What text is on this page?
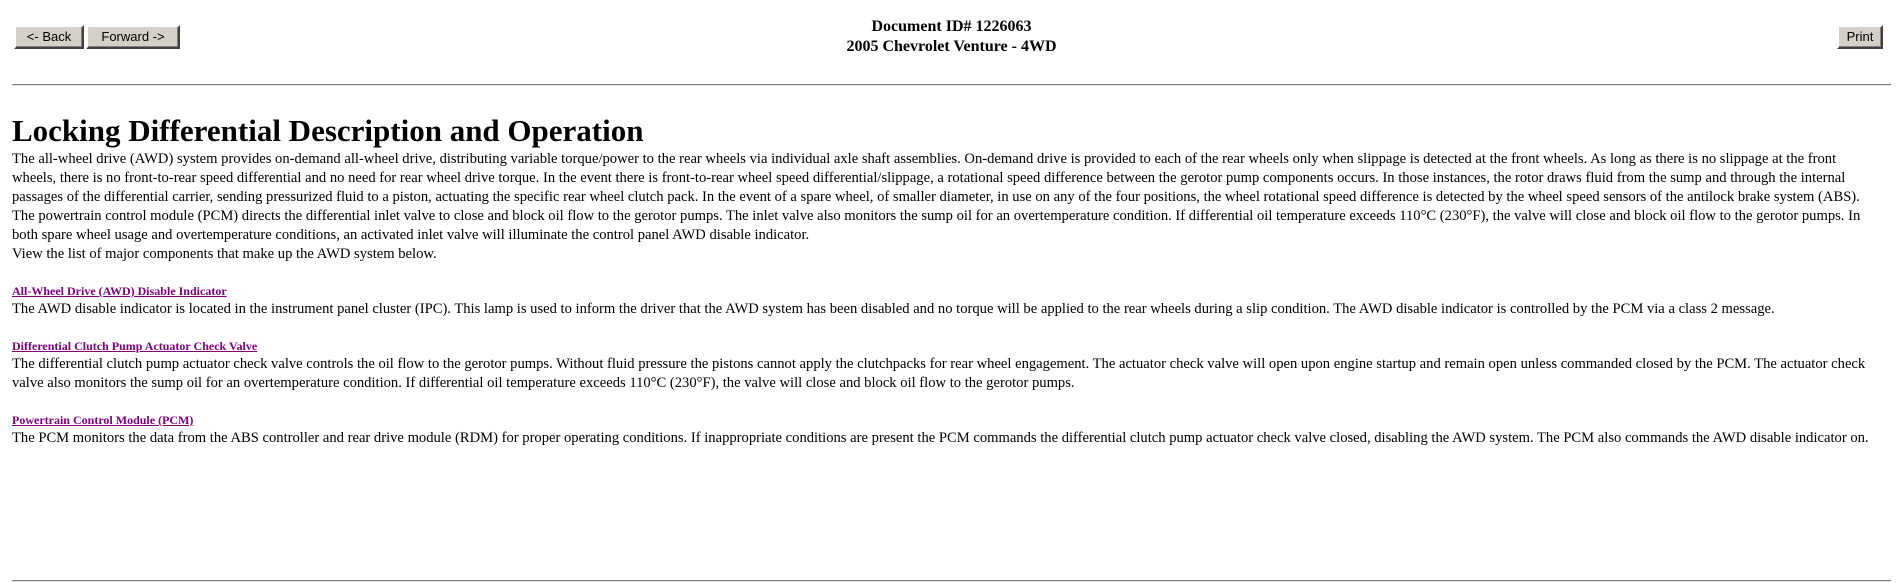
<- Back	Forward ->
Document ID# 1226063
2005 Chevrolet Venture - 4WD
Print
Locking Differential Description and Operation

The all-wheel drive (AWD) system provides on-demand all-wheel drive, distributing variable torque/power to the rear wheels via individual axle shaft assemblies. On-demand drive is provided to each of the rear wheels only when slippage is detected at the front wheels. As long as there is no slippage at the front wheels, there is no front-to-rear speed differential and no need for rear wheel drive torque. In the event there is front-to-rear wheel speed differential/slippage, a rotational speed difference between the gerotor pump components occurs. In those instances, the rotor draws fluid from the sump and through the internal passages of the differential carrier, sending pressurized fluid to a piston, actuating the specific rear wheel clutch pack. In the event of a spare wheel, of smaller diameter, in use on any of the four positions, the wheel rotational speed difference is detected by the wheel speed sensors of the antilock brake system (ABS). The powertrain control module (PCM) directs the differential inlet valve to close and block oil flow to the gerotor pumps. The inlet valve also monitors the sump oil for an overtemperature condition. If differential oil temperature exceeds 110°C (230°F), the valve will close and block oil flow to the gerotor pumps. In both spare wheel usage and overtemperature conditions, an activated inlet valve will illuminate the control panel AWD disable indicator.

View the list of major components that make up the AWD system below.

All-Wheel Drive (AWD) Disable Indicator

The AWD disable indicator is located in the instrument panel cluster (IPC). This lamp is used to inform the driver that the AWD system has been disabled and no torque will be applied to the rear wheels during a slip condition. The AWD disable indicator is controlled by the PCM via a class 2 message.

Differential Clutch Pump Actuator Check Valve

The differential clutch pump actuator check valve controls the oil flow to the gerotor pumps. Without fluid pressure the pistons cannot apply the clutchpacks for rear wheel engagement. The actuator check valve will open upon engine startup and remain open unless commanded closed by the PCM. The actuator check valve also monitors the sump oil for an overtemperature condition. If differential oil temperature exceeds 110°C (230°F), the valve will close and block oil flow to the gerotor pumps.

Powertrain Control Module (PCM)

The PCM monitors the data from the ABS controller and rear drive module (RDM) for proper operating conditions. If inappropriate conditions are present the PCM commands the differential clutch pump actuator check valve closed, disabling the AWD system. The PCM also commands the AWD disable indicator on.
